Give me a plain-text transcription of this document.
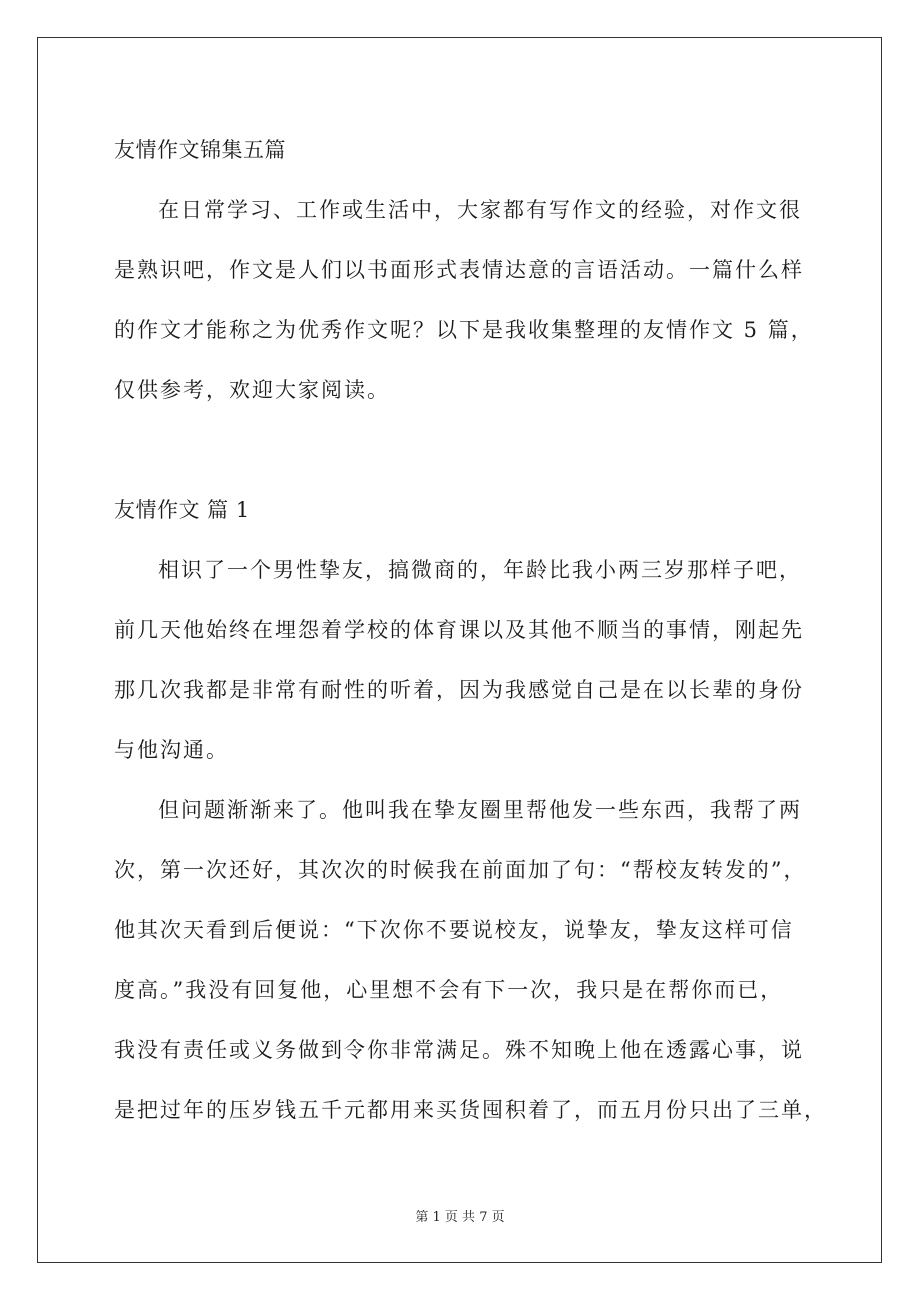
友情作文锦集五篇

在日常学习、工作或生活中，大家都有写作文的经验，对作文很
是熟识吧，作文是人们以书面形式表情达意的言语活动。一篇什么样
的作文才能称之为优秀作文呢？以下是我收集整理的友情作文 5 篇，
仅供参考，欢迎大家阅读。

友情作文 篇 1

相识了一个男性挚友，搞微商的，年龄比我小两三岁那样子吧，
前几天他始终在埋怨着学校的体育课以及其他不顺当的事情，刚起先
那几次我都是非常有耐性的听着，因为我感觉自己是在以长辈的身份
与他沟通。

但问题渐渐来了。他叫我在挚友圈里帮他发一些东西，我帮了两
次，第一次还好，其次次的时候我在前面加了句：“帮校友转发的”，
他其次天看到后便说：“下次你不要说校友，说挚友，挚友这样可信
度高。”我没有回复他，心里想不会有下一次，我只是在帮你而已，
我没有责任或义务做到令你非常满足。殊不知晚上他在透露心事，说
是把过年的压岁钱五千元都用来买货囤积着了，而五月份只出了三单，

第 1 页 共 7 页
